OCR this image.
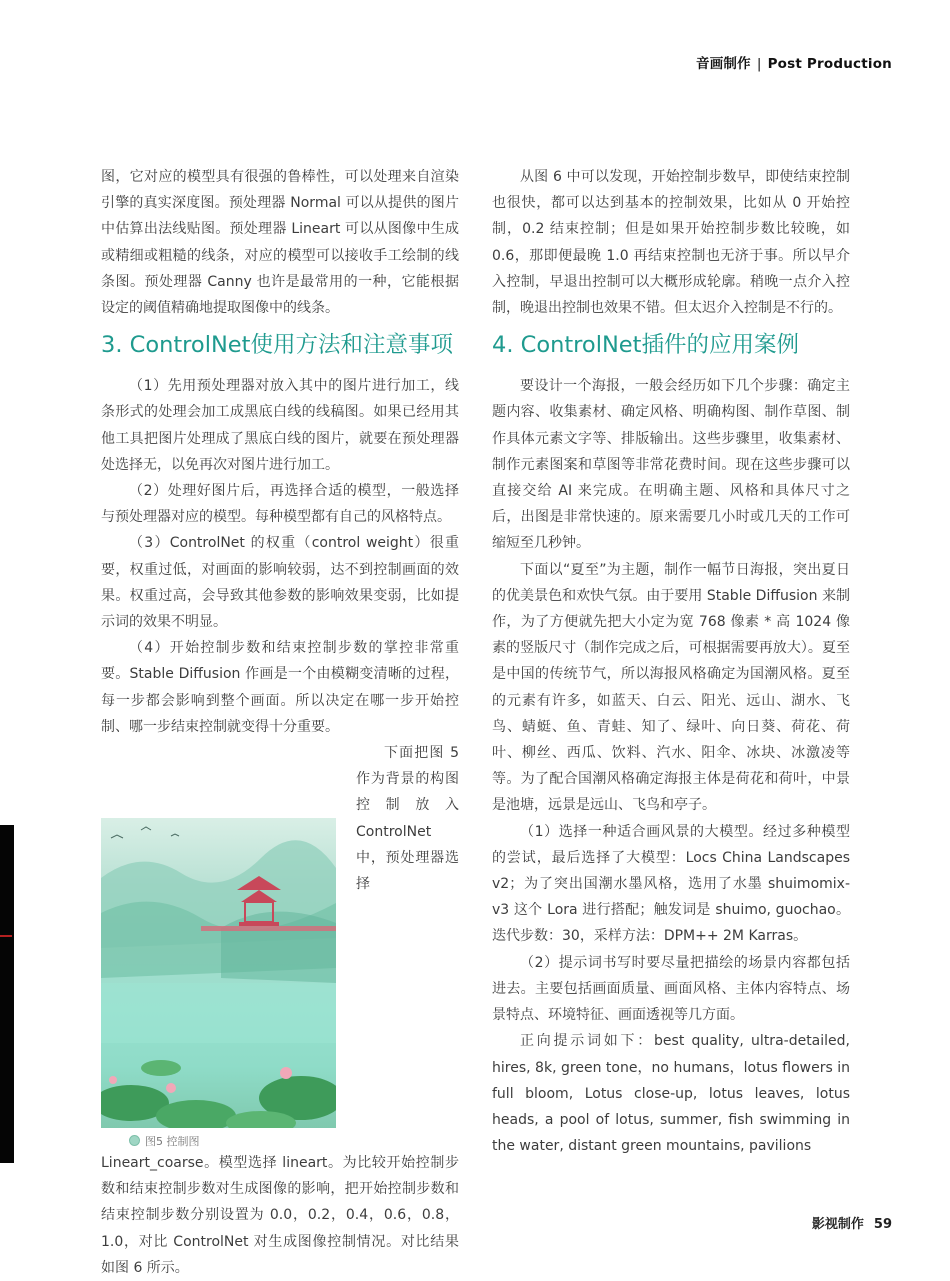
音画制作 | Post Production

图，它对应的模型具有很强的鲁棒性，可以处理来自渲染引擎的真实深度图。预处理器 Normal 可以从提供的图片中估算出法线贴图。预处理器 Lineart 可以从图像中生成或精细或粗糙的线条，对应的模型可以接收手工绘制的线条图。预处理器 Canny 也许是最常用的一种，它能根据设定的阈值精确地提取图像中的线条。

3. ControlNet使用方法和注意事项

（1）先用预处理器对放入其中的图片进行加工，线条形式的处理会加工成黑底白线的线稿图。如果已经用其他工具把图片处理成了黑底白线的图片，就要在预处理器处选择无，以免再次对图片进行加工。

（2）处理好图片后，再选择合适的模型，一般选择与预处理器对应的模型。每种模型都有自己的风格特点。

（3）ControlNet 的权重（control weight）很重要，权重过低，对画面的影响较弱，达不到控制画面的效果。权重过高，会导致其他参数的影响效果变弱，比如提示词的效果不明显。

（4）开始控制步数和结束控制步数的掌控非常重要。Stable Diffusion 作画是一个由模糊变清晰的过程，每一步都会影响到整个画面。所以决定在哪一步开始控制、哪一步结束控制就变得十分重要。

图5 控制图
下面把图 5 作为背景的构图控制放入 ControlNet 中，预处理器选择 Lineart_coarse。模型选择 lineart。为比较开始控制步数和结束控制步数对生成图像的影响，把开始控制步数和结束控制步数分别设置为 0.0，0.2，0.4，0.6，0.8，1.0，对比 ControlNet 对生成图像控制情况。对比结果如图 6 所示。

从图 6 中可以发现，开始控制步数早，即使结束控制也很快，都可以达到基本的控制效果，比如从 0 开始控制，0.2 结束控制；但是如果开始控制步数比较晚，如 0.6，那即便最晚 1.0 再结束控制也无济于事。所以早介入控制，早退出控制可以大概形成轮廓。稍晚一点介入控制，晚退出控制也效果不错。但太迟介入控制是不行的。

4. ControlNet插件的应用案例

要设计一个海报，一般会经历如下几个步骤：确定主题内容、收集素材、确定风格、明确构图、制作草图、制作具体元素文字等、排版输出。这些步骤里，收集素材、制作元素图案和草图等非常花费时间。现在这些步骤可以直接交给 AI 来完成。在明确主题、风格和具体尺寸之后，出图是非常快速的。原来需要几小时或几天的工作可缩短至几秒钟。

下面以“夏至”为主题，制作一幅节日海报，突出夏日的优美景色和欢快气氛。由于要用 Stable Diffusion 来制作，为了方便就先把大小定为宽 768 像素 * 高 1024 像素的竖版尺寸（制作完成之后，可根据需要再放大）。夏至是中国的传统节气，所以海报风格确定为国潮风格。夏至的元素有许多，如蓝天、白云、阳光、远山、湖水、飞鸟、蜻蜓、鱼、青蛙、知了、绿叶、向日葵、荷花、荷叶、柳丝、西瓜、饮料、汽水、阳伞、冰块、冰激凌等等。为了配合国潮风格确定海报主体是荷花和荷叶，中景是池塘，远景是远山、飞鸟和亭子。

（1）选择一种适合画风景的大模型。经过多种模型的尝试，最后选择了大模型：Locs China Landscapes v2；为了突出国潮水墨风格，选用了水墨 shuimomix-v3 这个 Lora 进行搭配；触发词是 shuimo, guochao。迭代步数：30，采样方法：DPM++ 2M Karras。

（2）提示词书写时要尽量把描绘的场景内容都包括进去。主要包括画面质量、画面风格、主体内容特点、场景特点、环境特征、画面透视等几方面。

正向提示词如下：best quality, ultra-detailed, hires, 8k, green tone，no humans，lotus flowers in full bloom, Lotus close-up, lotus leaves, lotus heads, a pool of lotus, summer, fish swimming in the water, distant green mountains, pavilions

影视制作 59
